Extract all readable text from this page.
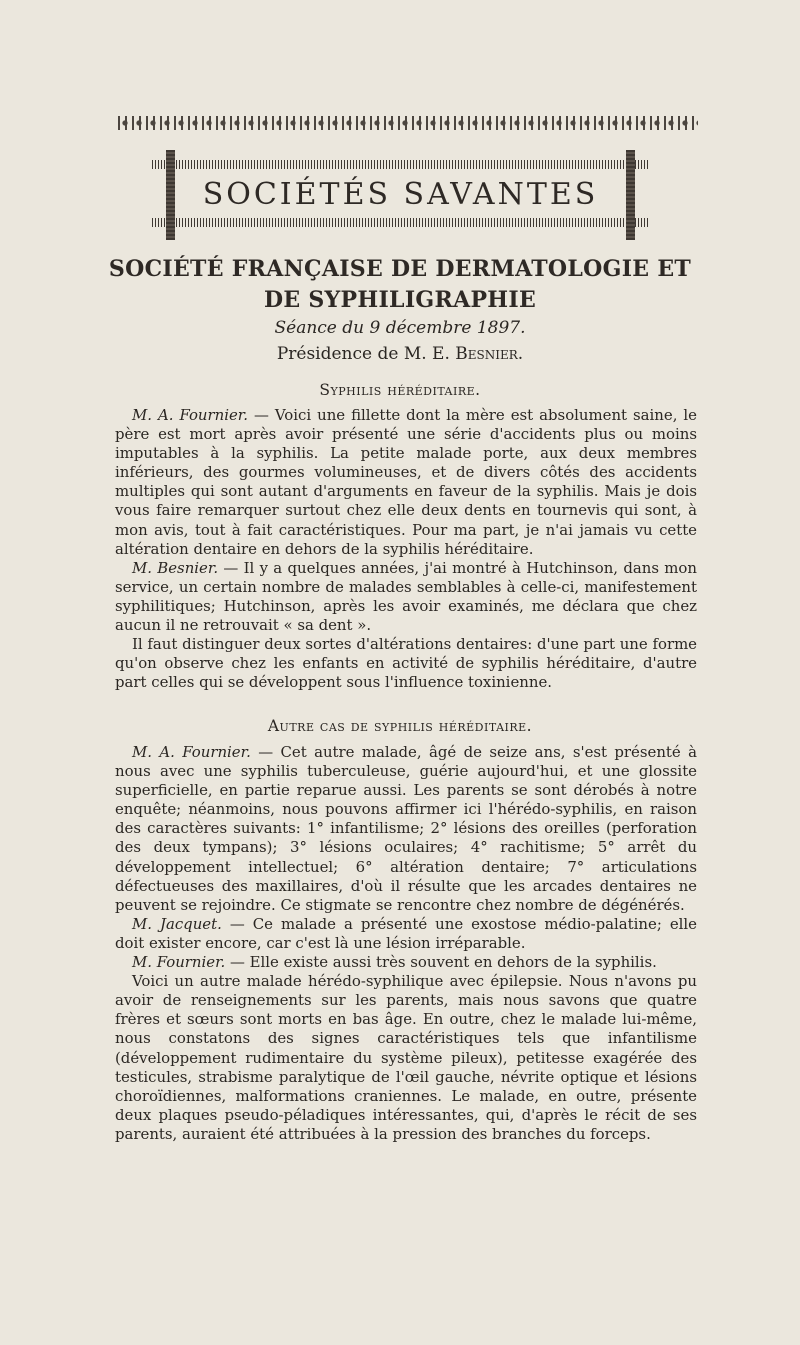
SOCIÉTÉS SAVANTES
SOCIÉTÉ FRANÇAISE DE DERMATOLOGIE ET DE SYPHILIGRAPHIE
Séance du 9 décembre 1897.
Présidence de M. E. Besnier.
Syphilis héréditaire.

M. A. Fournier. — Voici une fillette dont la mère est absolument saine, le père est mort après avoir présenté une série d'accidents plus ou moins imputables à la syphilis. La petite malade porte, aux deux membres inférieurs, des gourmes volumineuses, et de divers côtés des accidents multiples qui sont autant d'arguments en faveur de la syphilis. Mais je dois vous faire remarquer surtout chez elle deux dents en tournevis qui sont, à mon avis, tout à fait caractéristiques. Pour ma part, je n'ai jamais vu cette altération dentaire en dehors de la syphilis héréditaire.

M. Besnier. — Il y a quelques années, j'ai montré à Hutchinson, dans mon service, un certain nombre de malades semblables à celle-ci, manifestement syphilitiques; Hutchinson, après les avoir examinés, me déclara que chez aucun il ne retrouvait « sa dent ».

Il faut distinguer deux sortes d'altérations dentaires: d'une part une forme qu'on observe chez les enfants en activité de syphilis héréditaire, d'autre part celles qui se développent sous l'influence toxinienne.

Autre cas de syphilis héréditaire.

M. A. Fournier. — Cet autre malade, âgé de seize ans, s'est présenté à nous avec une syphilis tuberculeuse, guérie aujourd'hui, et une glossite superficielle, en partie reparue aussi. Les parents se sont dérobés à notre enquête; néanmoins, nous pouvons affirmer ici l'hérédo-syphilis, en raison des caractères suivants: 1° infantilisme; 2° lésions des oreilles (perforation des deux tympans); 3° lésions oculaires; 4° rachitisme; 5° arrêt du développement intellectuel; 6° altération dentaire; 7° articulations défectueuses des maxillaires, d'où il résulte que les arcades dentaires ne peuvent se rejoindre. Ce stigmate se rencontre chez nombre de dégénérés.

M. Jacquet. — Ce malade a présenté une exostose médio-palatine; elle doit exister encore, car c'est là une lésion irréparable.

M. Fournier. — Elle existe aussi très souvent en dehors de la syphilis.

Voici un autre malade hérédo-syphilique avec épilepsie. Nous n'avons pu avoir de renseignements sur les parents, mais nous savons que quatre frères et sœurs sont morts en bas âge. En outre, chez le malade lui-même, nous constatons des signes caractéristiques tels que infantilisme (développement rudimentaire du système pileux), petitesse exagérée des testicules, strabisme paralytique de l'œil gauche, névrite optique et lésions choroïdiennes, malformations craniennes. Le malade, en outre, présente deux plaques pseudo-péladiques intéressantes, qui, d'après le récit de ses parents, auraient été attribuées à la pression des branches du forceps.
